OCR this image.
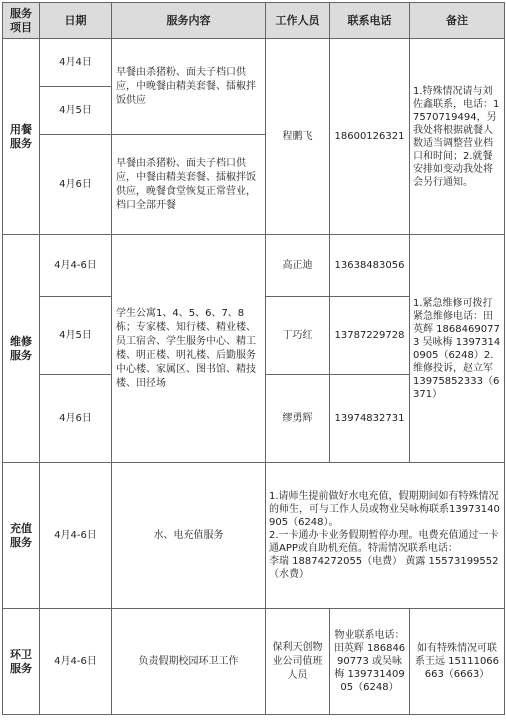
服务项目	日期	服务内容	工作人员	联系电话	备注
用餐服务	4月4日	早餐由杀猪粉、面夫子档口供应，中晚餐由精美套餐、擂椒拌饭供应	程鹏飞	18600126321	1.特殊情况请与刘佐鑫联系，电话：17570719494，另我处将根据就餐人数适当调整营业档口和时间；2.就餐安排如变动我处将会另行通知。
	4月5日				
	4月6日	早餐由杀猪粉、面夫子档口供应，中餐由精美套餐、擂椒拌饭供应，晚餐食堂恢复正常营业，档口全部开餐			
维修服务	4月4-6日	学生公寓1、4、5、6、7、8栋；专家楼、知行楼、精业楼、员工宿舍、学生服务中心、精工楼、明正楼、明礼楼、后勤服务中心楼、家属区、图书馆、精技楼、田径场	高正迪	13638483056	1.紧急维修可拨打紧急维修电话：田英辉 18684690773 吴咏梅 13973140905（6248）2.维修投诉，赵立军 13975852333（6371）
	4月5日		丁巧红	13787229728	
	4月6日		缪勇辉	13974832731	
充值服务	4月4-6日	水、电充值服务	1.请师生提前做好水电充值，假期期间如有特殊情况的师生，可与工作人员或物业吴咏梅联系13973140905（6248）。
2.一卡通办卡业务假期暂停办理。电费充值通过一卡通APP或自助机充值。特需情况联系电话：
李瑞 18874272055（电费） 黄露 15573199552（水费）		

环卫服务	4月4-6日	负责假期校园环卫工作	保利天创物业公司值班人员	物业联系电话：田英辉 18684690773 或吴咏梅 13973140905（6248）	如有特殊情况可联系王远 15111066663（6663）
